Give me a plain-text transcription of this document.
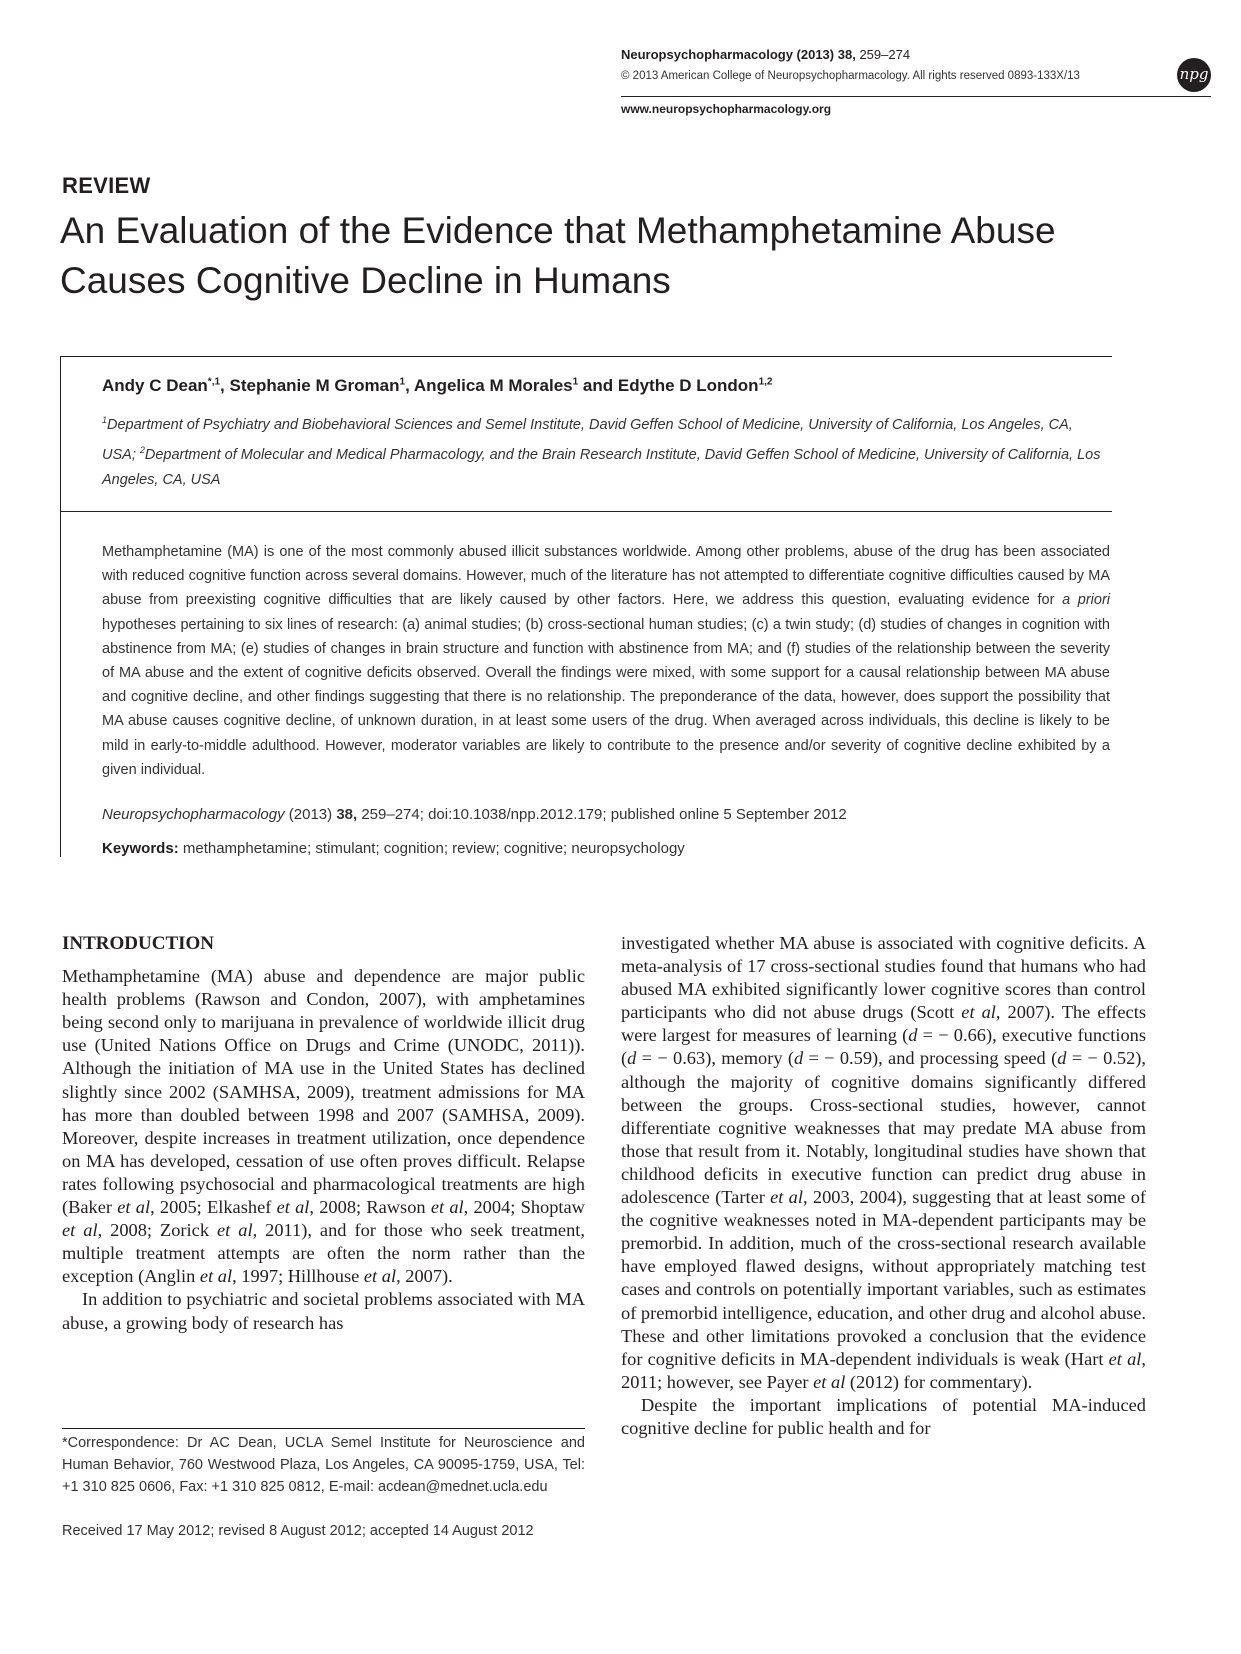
Neuropsychopharmacology (2013) 38, 259–274
© 2013 American College of Neuropsychopharmacology. All rights reserved 0893-133X/13	npg
www.neuropsychopharmacology.org
REVIEW
An Evaluation of the Evidence that Methamphetamine Abuse Causes Cognitive Decline in Humans
Andy C Dean$^{*,1}$, Stephanie M Groman$^1$, Angelica M Morales$^1$ and Edythe D London$^{1,2}$
$^1$Department of Psychiatry and Biobehavioral Sciences and Semel Institute, David Geffen School of Medicine, University of California, Los Angeles, CA, USA; $^2$Department of Molecular and Medical Pharmacology, and the Brain Research Institute, David Geffen School of Medicine, University of California, Los Angeles, CA, USA

Methamphetamine (MA) is one of the most commonly abused illicit substances worldwide. Among other problems, abuse of the drug has been associated with reduced cognitive function across several domains. However, much of the literature has not attempted to differentiate cognitive difficulties caused by MA abuse from preexisting cognitive difficulties that are likely caused by other factors. Here, we address this question, evaluating evidence for a priori hypotheses pertaining to six lines of research: (a) animal studies; (b) cross-sectional human studies; (c) a twin study; (d) studies of changes in cognition with abstinence from MA; (e) studies of changes in brain structure and function with abstinence from MA; and (f) studies of the relationship between the severity of MA abuse and the extent of cognitive deficits observed. Overall the findings were mixed, with some support for a causal relationship between MA abuse and cognitive decline, and other findings suggesting that there is no relationship. The preponderance of the data, however, does support the possibility that MA abuse causes cognitive decline, of unknown duration, in at least some users of the drug. When averaged across individuals, this decline is likely to be mild in early-to-middle adulthood. However, moderator variables are likely to contribute to the presence and/or severity of cognitive decline exhibited by a given individual.

Neuropsychopharmacology (2013) 38, 259–274; doi:10.1038/npp.2012.179; published online 5 September 2012
Keywords: methamphetamine; stimulant; cognition; review; cognitive; neuropsychology

INTRODUCTION

Methamphetamine (MA) abuse and dependence are major public health problems (Rawson and Condon, 2007), with amphetamines being second only to marijuana in prevalence of worldwide illicit drug use (United Nations Office on Drugs and Crime (UNODC, 2011)). Although the initiation of MA use in the United States has declined slightly since 2002 (SAMHSA, 2009), treatment admissions for MA has more than doubled between 1998 and 2007 (SAMHSA, 2009). Moreover, despite increases in treatment utilization, once dependence on MA has developed, cessation of use often proves difficult. Relapse rates following psychosocial and pharmacological treatments are high (Baker et al, 2005; Elkashef et al, 2008; Rawson et al, 2004; Shoptaw et al, 2008; Zorick et al, 2011), and for those who seek treatment, multiple treatment attempts are often the norm rather than the exception (Anglin et al, 1997; Hillhouse et al, 2007).

In addition to psychiatric and societal problems associated with MA abuse, a growing body of research has

investigated whether MA abuse is associated with cognitive deficits. A meta-analysis of 17 cross-sectional studies found that humans who had abused MA exhibited significantly lower cognitive scores than control participants who did not abuse drugs (Scott et al, 2007). The effects were largest for measures of learning (d = − 0.66), executive functions (d = − 0.63), memory (d = − 0.59), and processing speed (d = − 0.52), although the majority of cognitive domains significantly differed between the groups. Cross-sectional studies, however, cannot differentiate cognitive weaknesses that may predate MA abuse from those that result from it. Notably, longitudinal studies have shown that childhood deficits in executive function can predict drug abuse in adolescence (Tarter et al, 2003, 2004), suggesting that at least some of the cognitive weaknesses noted in MA-dependent participants may be premorbid. In addition, much of the cross-sectional research available have employed flawed designs, without appropriately matching test cases and controls on potentially important variables, such as estimates of premorbid intelligence, education, and other drug and alcohol abuse. These and other limitations provoked a conclusion that the evidence for cognitive deficits in MA-dependent individuals is weak (Hart et al, 2011; however, see Payer et al (2012) for commentary).

Despite the important implications of potential MA-induced cognitive decline for public health and for

*Correspondence: Dr AC Dean, UCLA Semel Institute for Neuroscience and Human Behavior, 760 Westwood Plaza, Los Angeles, CA 90095-1759, USA, Tel: +1 310 825 0606, Fax: +1 310 825 0812, E-mail: acdean@mednet.ucla.edu

Received 17 May 2012; revised 8 August 2012; accepted 14 August 2012
